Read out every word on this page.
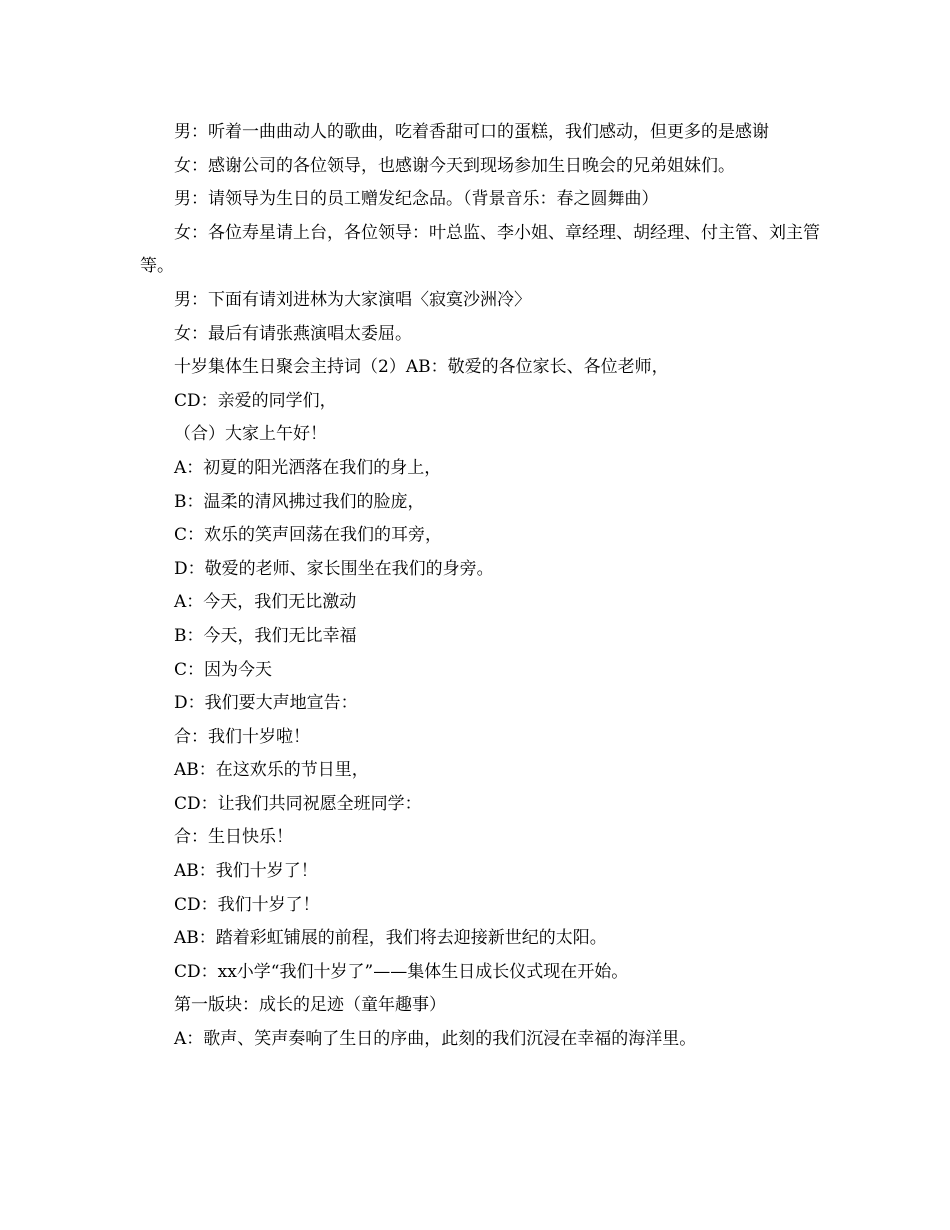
男：听着一曲曲动人的歌曲，吃着香甜可口的蛋糕，我们感动，但更多的是感谢

女：感谢公司的各位领导，也感谢今天到现场参加生日晚会的兄弟姐妹们。

男：请领导为生日的员工赠发纪念品。（背景音乐：春之圆舞曲）

女：各位寿星请上台，各位领导：叶总监、李小姐、章经理、胡经理、付主管、刘主管等。

男：下面有请刘进林为大家演唱〈寂寞沙洲冷〉

女：最后有请张燕演唱太委屈。

十岁集体生日聚会主持词（2）AB：敬爱的各位家长、各位老师，

CD：亲爱的同学们，

（合）大家上午好！

A：初夏的阳光洒落在我们的身上，

B：温柔的清风拂过我们的脸庞，

C：欢乐的笑声回荡在我们的耳旁，

D：敬爱的老师、家长围坐在我们的身旁。

A：今天，我们无比激动

B：今天，我们无比幸福

C：因为今天

D：我们要大声地宣告：

合：我们十岁啦！

AB：在这欢乐的节日里，

CD：让我们共同祝愿全班同学：

合：生日快乐！

AB：我们十岁了！

CD：我们十岁了！

AB：踏着彩虹铺展的前程，我们将去迎接新世纪的太阳。

CD：xx小学“我们十岁了”——集体生日成长仪式现在开始。

第一版块：成长的足迹（童年趣事）

A：歌声、笑声奏响了生日的序曲，此刻的我们沉浸在幸福的海洋里。
